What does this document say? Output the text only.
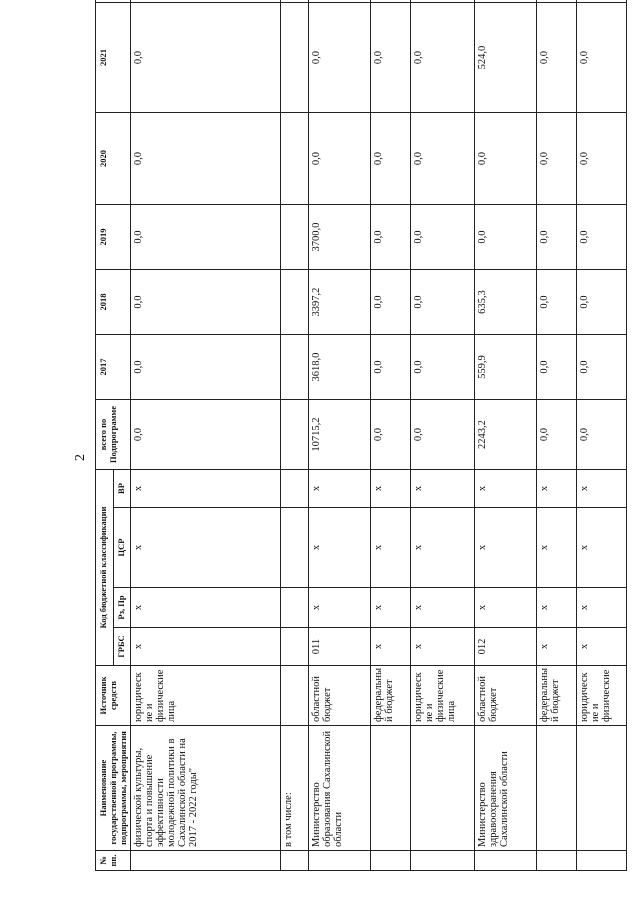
2
№ пп.	Наименование государственной программы, подпрограммы, мероприятия	Источник средств	Код бюджетной классификации				всего по Подпрограмме	2017	2018	2019	2020	2021	
			ГРБС	Рз, Пр	ЦСР	ВР							
	физической культуры, спорта и повышение эффективности молодежной политики в Сахалинской области на 2017 - 2022 годы"	юридическ ие и физические лица	х	х	х	х	0,0	0,0	0,0	0,0	0,0	0,0	
	в том числе:												
	Министерство образования Сахалинской области	областной бюджет	011	х	х	х	10715,2	3618,0	3397,2	3700,0	0,0	0,0	
		федеральны й бюджет	х	х	х	х	0,0	0,0	0,0	0,0	0,0	0,0	
		юридическ ие и физические лица	х	х	х	х	0,0	0,0	0,0	0,0	0,0	0,0	
	Министерство здравоохранения Сахалинской области	областной бюджет	012	х	х	х	2243,2	559,9	635,3	0,0	0,0	524,0	
		федеральны й бюджет	х	х	х	х	0,0	0,0	0,0	0,0	0,0	0,0	
		юридическ ие и физические	х	х	х	х	0,0	0,0	0,0	0,0	0,0	0,0	
